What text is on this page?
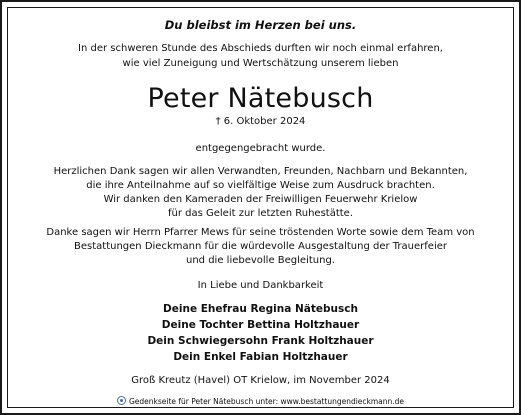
Du bleibst im Herzen bei uns.
In der schweren Stunde des Abschieds durften wir noch einmal erfahren,
wie viel Zuneigung und Wertschätzung unserem lieben
Peter Nätebusch
† 6. Oktober 2024
entgegengebracht wurde.
Herzlichen Dank sagen wir allen Verwandten, Freunden, Nachbarn und Bekannten,
die ihre Anteilnahme auf so vielfältige Weise zum Ausdruck brachten.
Wir danken den Kameraden der Freiwilligen Feuerwehr Krielow
für das Geleit zur letzten Ruhestätte.
Danke sagen wir Herrn Pfarrer Mews für seine tröstenden Worte sowie dem Team von
Bestattungen Dieckmann für die würdevolle Ausgestaltung der Trauerfeier
und die liebevolle Begleitung.
In Liebe und Dankbarkeit
Deine Ehefrau Regina Nätebusch
Deine Tochter Bettina Holtzhauer
Dein Schwiegersohn Frank Holtzhauer
Dein Enkel Fabian Holtzhauer
Groß Kreutz (Havel) OT Krielow, im November 2024
Gedenkseite für Peter Nätebusch unter: www.bestattungendieckmann.de
